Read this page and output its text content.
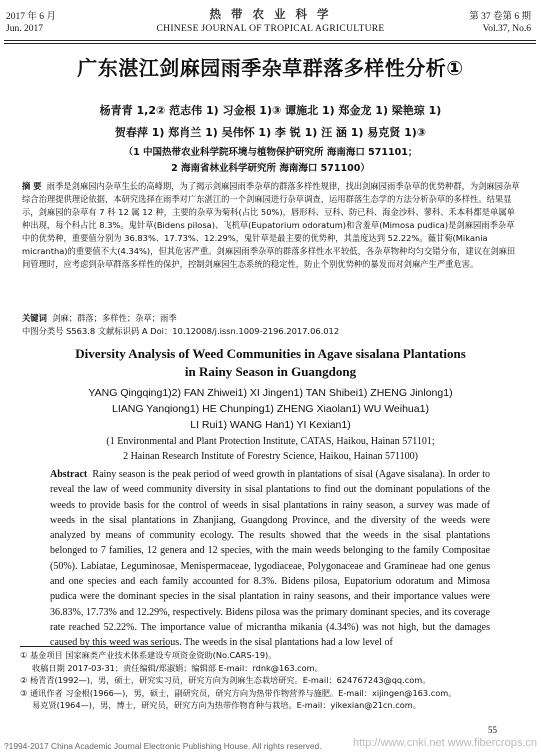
2017 年 6 月
Jun. 2017
热 带 农 业 科 学
CHINESE JOURNAL OF TROPICAL AGRICULTURE
第 37 卷第 6 期
Vol.37, No.6
广东湛江剑麻园雨季杂草群落多样性分析①
杨青青 1,2② 范志伟 1) 习金根 1)③ 谭施北 1) 郑金龙 1) 梁艳琼 1)
贺春萍 1) 郑肖兰 1) 吴伟怀 1) 李 锐 1) 汪 涵 1) 易克贤 1)③
（1 中国热带农业科学院环境与植物保护研究所 海南海口 571101；
2 海南省林业科学研究所 海南海口 571100）
摘 要 雨季是剑麻园内杂草生长的高峰期，为了揭示剑麻园雨季杂草的群落多样性规律，找出剑麻园雨季杂草的优势种群，为剑麻园杂草综合治理提供理论依据，本研究选择在雨季对广东湛江的一个剑麻园进行杂草调查，运用群落生态学的方法分析杂草的多样性。结果显示，剑麻园的杂草有 7 科 12 属 12 种，主要的杂草为菊科(占比 50%)，唇形科、豆科、防已科、海金沙科、蓼科、禾本科都是单属单种出现，每个科占比 8.3%。鬼针草(Bidens pilosa)、飞机草(Eupatorium odoratum)和含羞草(Mimosa pudica)是剑麻园雨季杂草中的优势种，重要值分别为 36.83%、17.73%、12.29%，鬼针草是最主要的优势种，其盖度达到 52.22%。薇甘菊(Mikania micrantha)的重要值不大(4.34%)，但其危害严重。剑麻园雨季杂草的群落多样性水平较低，各杂草物种均匀交错分布，建议在剑麻田间管理时，应考虑到杂草群落多样性的保护，控制剑麻园生态系统的稳定性，防止个别优势种的暴发而对剑麻产生严重危害。
关键词 剑麻；群落；多样性；杂草；雨季
中图分类号 S563.8 文献标识码 A Doi：10.12008/j.issn.1009-2196.2017.06.012
Diversity Analysis of Weed Communities in Agave sisalana Plantations
in Rainy Season in Guangdong
YANG Qingqing1)2) FAN Zhiwei1) XI Jingen1) TAN Shibei1) ZHENG Jinlong1)
LIANG Yanqiong1) HE Chunping1) ZHENG Xiaolan1) WU Weihua1)
LI Rui1) WANG Han1) YI Kexian1)
(1 Environmental and Plant Protection Institute, CATAS, Haikou, Hainan 571101;
2 Hainan Research Institute of Forestry Science, Haikou, Hainan 571100)
Abstract Rainy season is the peak period of weed growth in plantations of sisal (Agave sisalana). In order to reveal the law of weed community diversity in sisal plantations to find out the dominant populations of the weeds to provide basis for the control of weeds in sisal plantations in rainy season, a survey was made of weeds in the sisal plantations in Zhanjiang, Guangdong Province, and the diversity of the weeds were analyzed by means of community ecology. The results showed that the weeds in the sisal plantations belonged to 7 families, 12 genera and 12 species, with the main weeds belonging to the family Compositae (50%). Labiatae, Leguminosae, Menispermaceae, lygodiaceae, Polygonaceae and Gramineae had one genus and one species and each family accounted for 8.3%. Bidens pilosa, Eupatorium odoratum and Mimosa pudica were the dominant species in the sisal plantation in rainy seasons, and their importance values were 36.83%, 17.73% and 12.29%, respectively. Bidens pilosa was the primary dominant species, and its coverage rate reached 52.22%. The importance value of micrantha mikania (4.34%) was not high, but the damages caused by this weed was serious. The weeds in the sisal plantations had a low level of
① 基金项目 国家麻类产业技术体系建设专项资金资助(No.CARS-19)。
收稿日期 2017-03-31；责任编辑/郑淑娟；编辑部 E-mail：rdnk@163.com。
② 杨青青(1992—)，男，硕士，研究实习员，研究方向为剑麻生态栽培研究。E-mail：624767243@qq.com。
③ 通讯作者 习金根(1966—)，男，硕士，副研究员，研究方向为热带作物营养与施肥。E-mail：xijingen@163.com。
易克贤(1964—)，男，博士，研究员，研究方向为热带作物育种与栽培。E-mail：yikexian@21cn.com。
55
?1994-2017 China Academic Journal Electronic Publishing House. All rights reserved.	http://www.cnki.net www.fibercrops.cn
